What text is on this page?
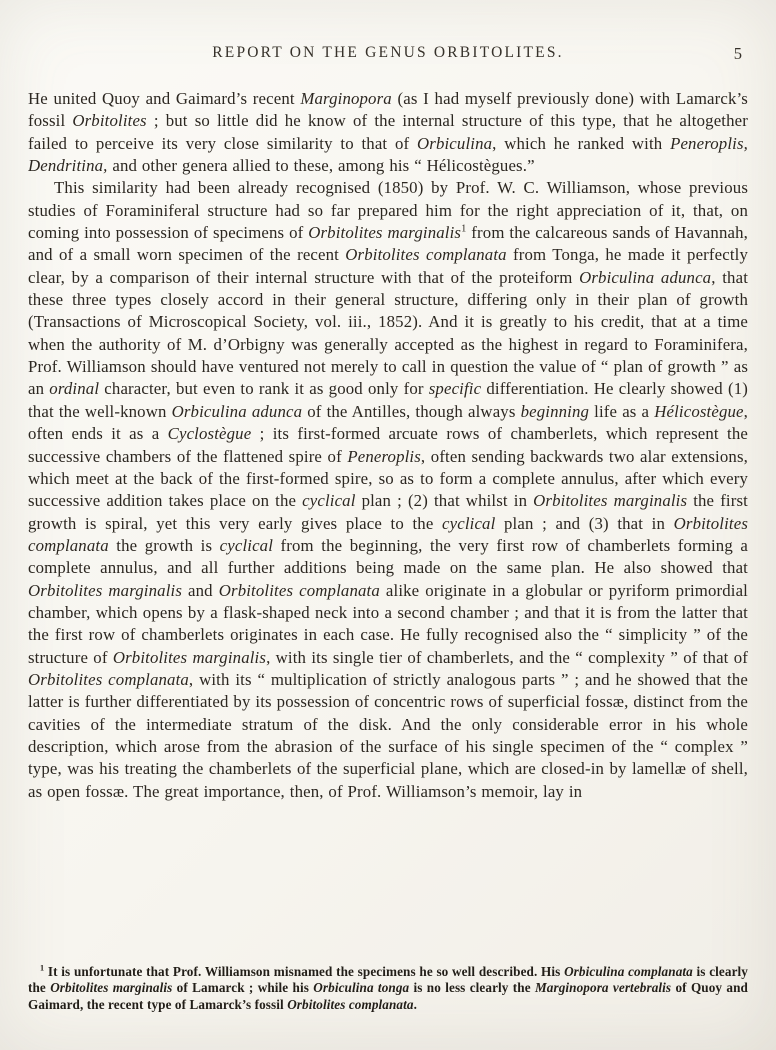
REPORT ON THE GENUS ORBITOLITES.	5

He united Quoy and Gaimard’s recent Marginopora (as I had myself previously done) with Lamarck’s fossil Orbitolites ; but so little did he know of the internal structure of this type, that he altogether failed to perceive its very close similarity to that of Orbiculina, which he ranked with Peneroplis, Dendritina, and other genera allied to these, among his “ Hélicostègues.”

This similarity had been already recognised (1850) by Prof. W. C. Williamson, whose previous studies of Foraminiferal structure had so far prepared him for the right appreciation of it, that, on coming into possession of specimens of Orbitolites marginalis$^1$ from the calcareous sands of Havannah, and of a small worn specimen of the recent Orbitolites complanata from Tonga, he made it perfectly clear, by a comparison of their internal structure with that of the proteiform Orbiculina adunca, that these three types closely accord in their general structure, differing only in their plan of growth (Transactions of Microscopical Society, vol. iii., 1852). And it is greatly to his credit, that at a time when the authority of M. d’Orbigny was generally accepted as the highest in regard to Foraminifera, Prof. Williamson should have ventured not merely to call in question the value of “ plan of growth ” as an ordinal character, but even to rank it as good only for specific differentiation. He clearly showed (1) that the well-known Orbiculina adunca of the Antilles, though always beginning life as a Hélicostègue, often ends it as a Cyclostègue ; its first-formed arcuate rows of chamberlets, which represent the successive chambers of the flattened spire of Peneroplis, often sending backwards two alar extensions, which meet at the back of the first-formed spire, so as to form a complete annulus, after which every successive addition takes place on the cyclical plan ; (2) that whilst in Orbitolites marginalis the first growth is spiral, yet this very early gives place to the cyclical plan ; and (3) that in Orbitolites complanata the growth is cyclical from the beginning, the very first row of chamberlets forming a complete annulus, and all further additions being made on the same plan. He also showed that Orbitolites marginalis and Orbitolites complanata alike originate in a globular or pyriform primordial chamber, which opens by a flask-shaped neck into a second chamber ; and that it is from the latter that the first row of chamberlets originates in each case. He fully recognised also the “ simplicity ” of the structure of Orbitolites marginalis, with its single tier of chamberlets, and the “ complexity ” of that of Orbitolites complanata, with its “ multiplication of strictly analogous parts ” ; and he showed that the latter is further differentiated by its possession of concentric rows of superficial fossæ, distinct from the cavities of the intermediate stratum of the disk. And the only considerable error in his whole description, which arose from the abrasion of the surface of his single specimen of the “ complex ” type, was his treating the chamberlets of the superficial plane, which are closed-in by lamellæ of shell, as open fossæ. The great importance, then, of Prof. Williamson’s memoir, lay in

$^1$ It is unfortunate that Prof. Williamson misnamed the specimens he so well described. His Orbiculina complanata is clearly the Orbitolites marginalis of Lamarck ; while his Orbiculina tonga is no less clearly the Marginopora vertebralis of Quoy and Gaimard, the recent type of Lamarck’s fossil Orbitolites complanata.
